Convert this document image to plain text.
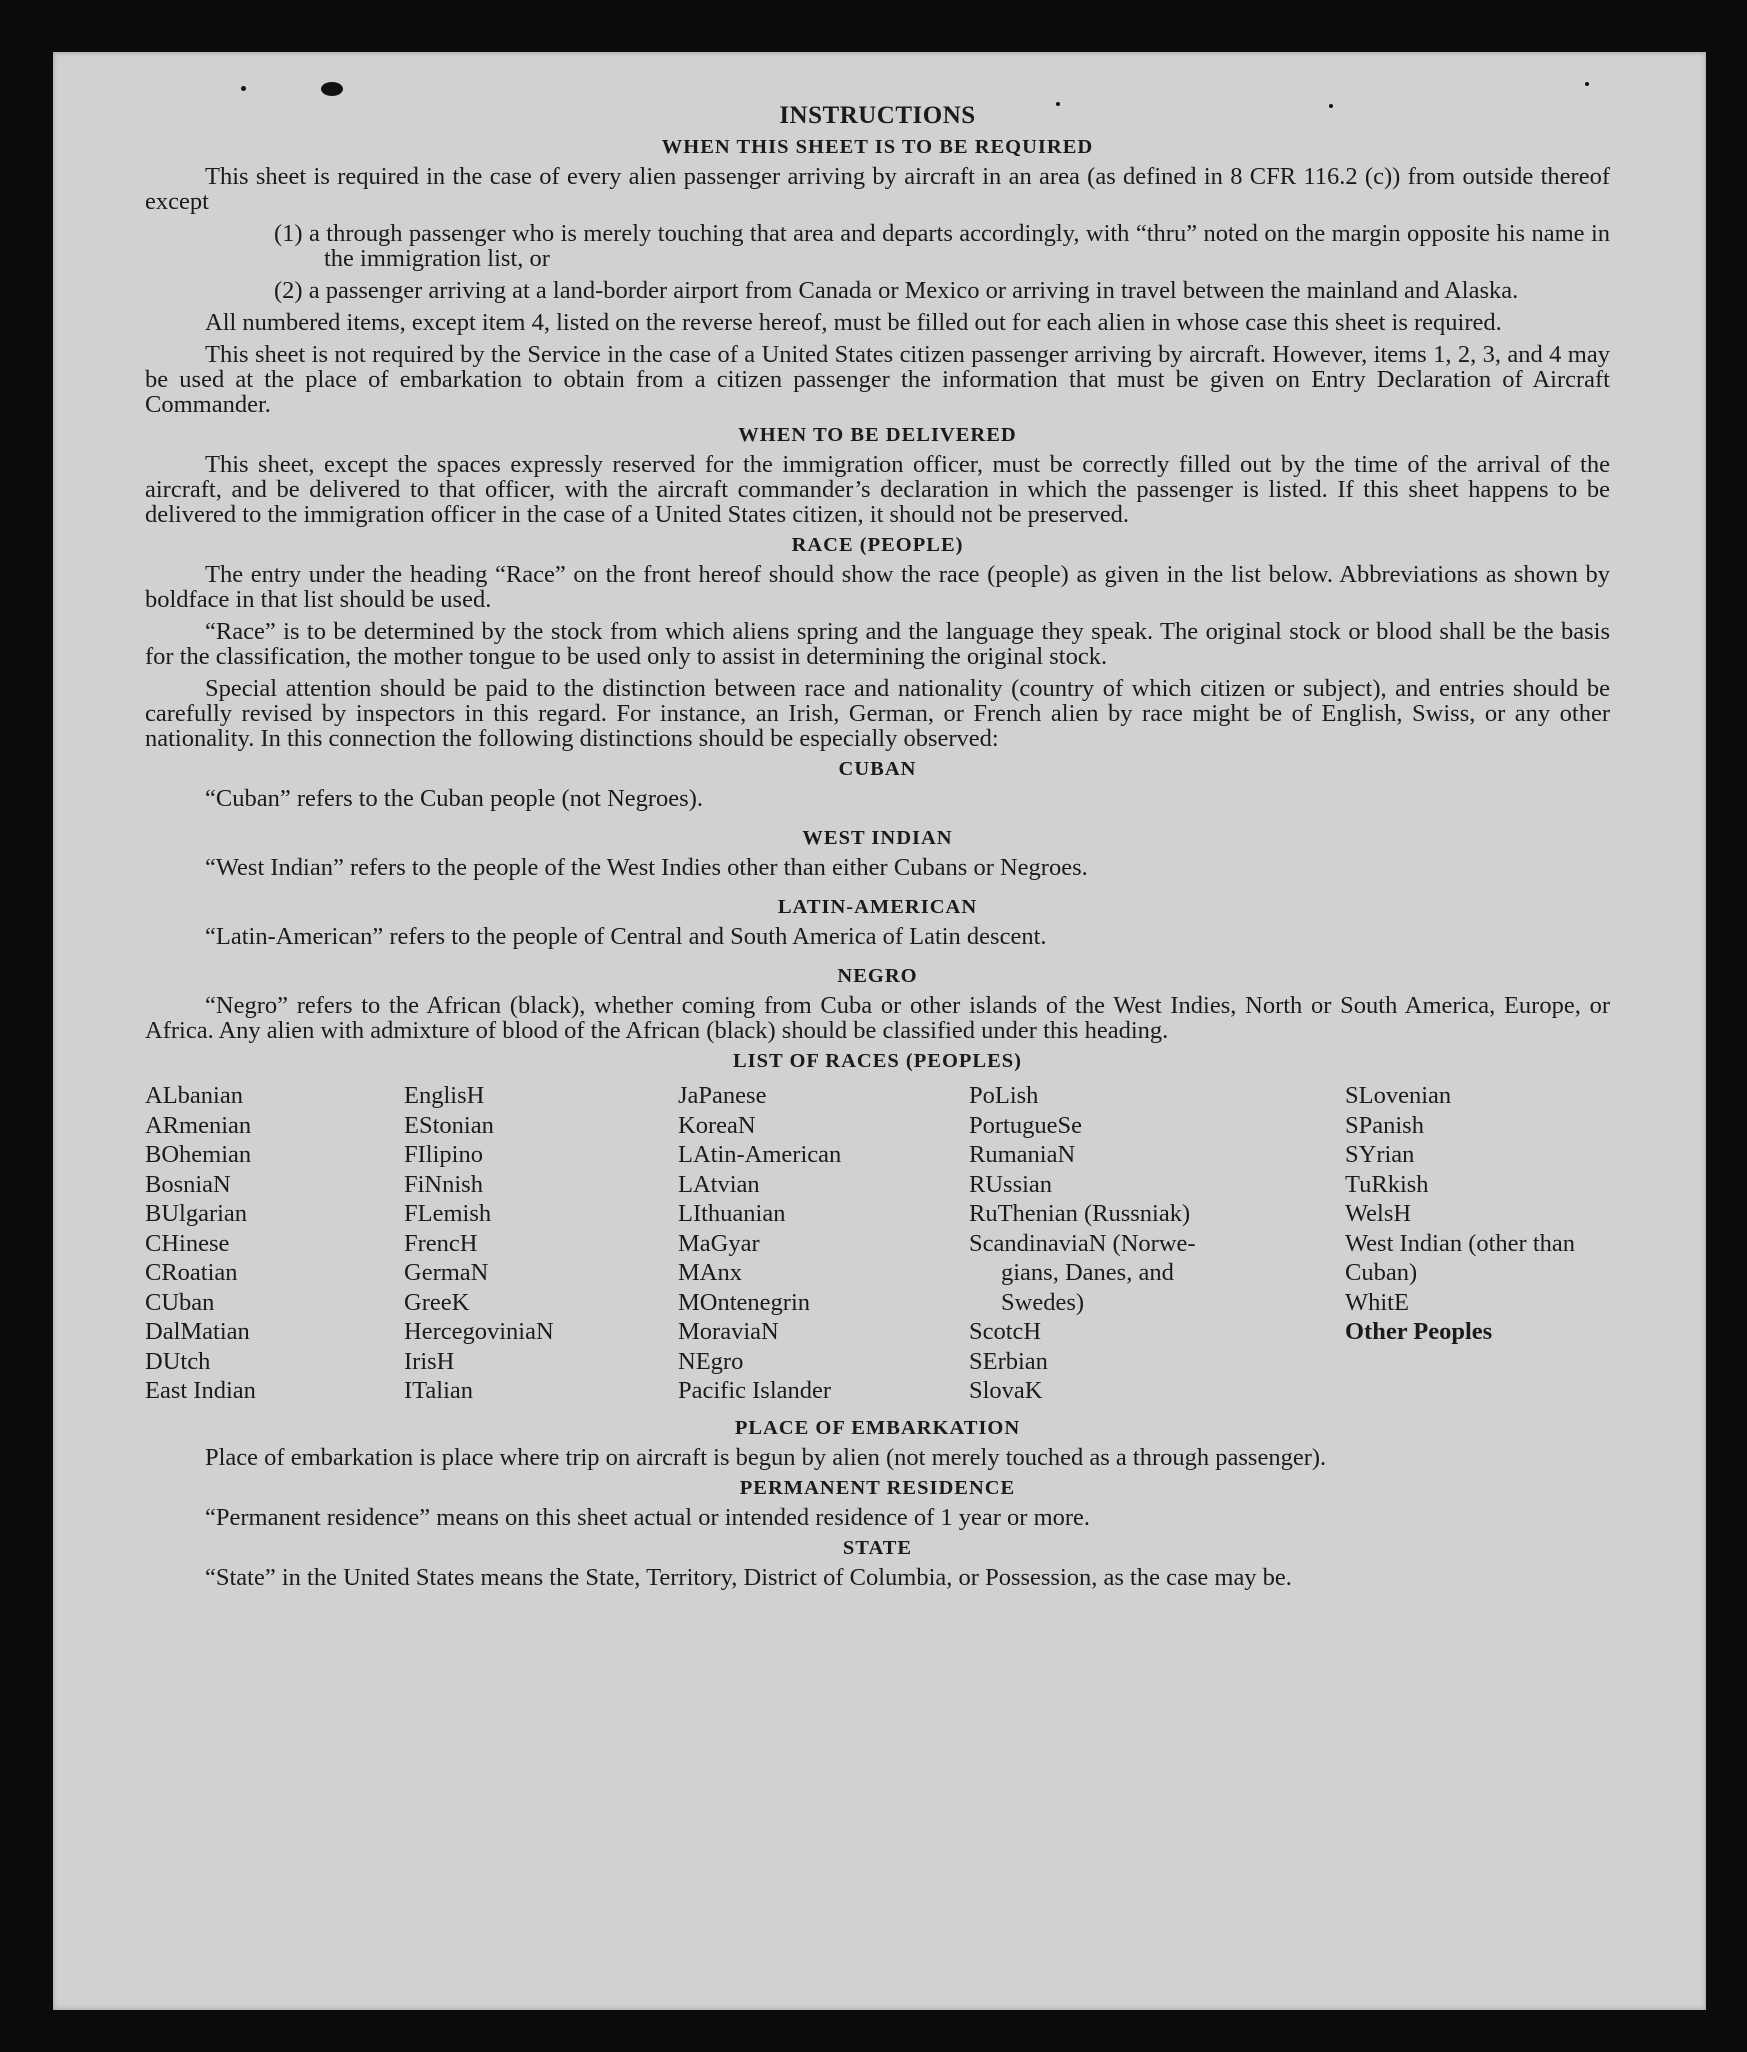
INSTRUCTIONS
WHEN THIS SHEET IS TO BE REQUIRED

This sheet is required in the case of every alien passenger arriving by aircraft in an area (as defined in 8 CFR 116.2 (c)) from outside thereof except

(1) a through passenger who is merely touching that area and departs accordingly, with “thru” noted on the margin opposite his name in the immigration list, or

(2) a passenger arriving at a land-border airport from Canada or Mexico or arriving in travel between the mainland and Alaska.

All numbered items, except item 4, listed on the reverse hereof, must be filled out for each alien in whose case this sheet is required.

This sheet is not required by the Service in the case of a United States citizen passenger arriving by aircraft. However, items 1, 2, 3, and 4 may be used at the place of embarkation to obtain from a citizen passenger the information that must be given on Entry Declaration of Aircraft Commander.

WHEN TO BE DELIVERED

This sheet, except the spaces expressly reserved for the immigration officer, must be correctly filled out by the time of the arrival of the aircraft, and be delivered to that officer, with the aircraft commander’s declaration in which the passenger is listed. If this sheet happens to be delivered to the immigration officer in the case of a United States citizen, it should not be preserved.

RACE (PEOPLE)

The entry under the heading “Race” on the front hereof should show the race (people) as given in the list below. Abbreviations as shown by boldface in that list should be used.

“Race” is to be determined by the stock from which aliens spring and the language they speak. The original stock or blood shall be the basis for the classification, the mother tongue to be used only to assist in determining the original stock.

Special attention should be paid to the distinction between race and nationality (country of which citizen or subject), and entries should be carefully revised by inspectors in this regard. For instance, an Irish, German, or French alien by race might be of English, Swiss, or any other nationality. In this connection the following distinctions should be especially observed:

CUBAN

“Cuban” refers to the Cuban people (not Negroes).

WEST INDIAN

“West Indian” refers to the people of the West Indies other than either Cubans or Negroes.

LATIN-AMERICAN

“Latin-American” refers to the people of Central and South America of Latin descent.

NEGRO

“Negro” refers to the African (black), whether coming from Cuba or other islands of the West Indies, North or South America, Europe, or Africa. Any alien with admixture of blood of the African (black) should be classified under this heading.

LIST OF RACES (PEOPLES)
ALbanian
ARmenian
BOhemian
BosniaN
BUlgarian
CHinese
CRoatian
CUban
DalMatian
DUtch
East Indian
EnglisH
EStonian
FIlipino
FiNnish
FLemish
FrencH
GermaN
GreeK
HercegoviniaN
IrisH
ITalian
JaPanese
KoreaN
LAtin-American
LAtvian
LIthuanian
MaGyar
MAnx
MOntenegrin
MoraviaN
NEgro
Pacific Islander
PoLish
PortugueSe
RumaniaN
RUssian
RuThenian (Russniak)
ScandinaviaN (Norwe-
gians, Danes, and
Swedes)
ScotcH
SErbian
SlovaK
SLovenian
SPanish
SYrian
TuRkish
WelsH
West Indian (other than Cuban)
WhitE
Other Peoples
PLACE OF EMBARKATION

Place of embarkation is place where trip on aircraft is begun by alien (not merely touched as a through passenger).

PERMANENT RESIDENCE

“Permanent residence” means on this sheet actual or intended residence of 1 year or more.

STATE

“State” in the United States means the State, Territory, District of Columbia, or Possession, as the case may be.
